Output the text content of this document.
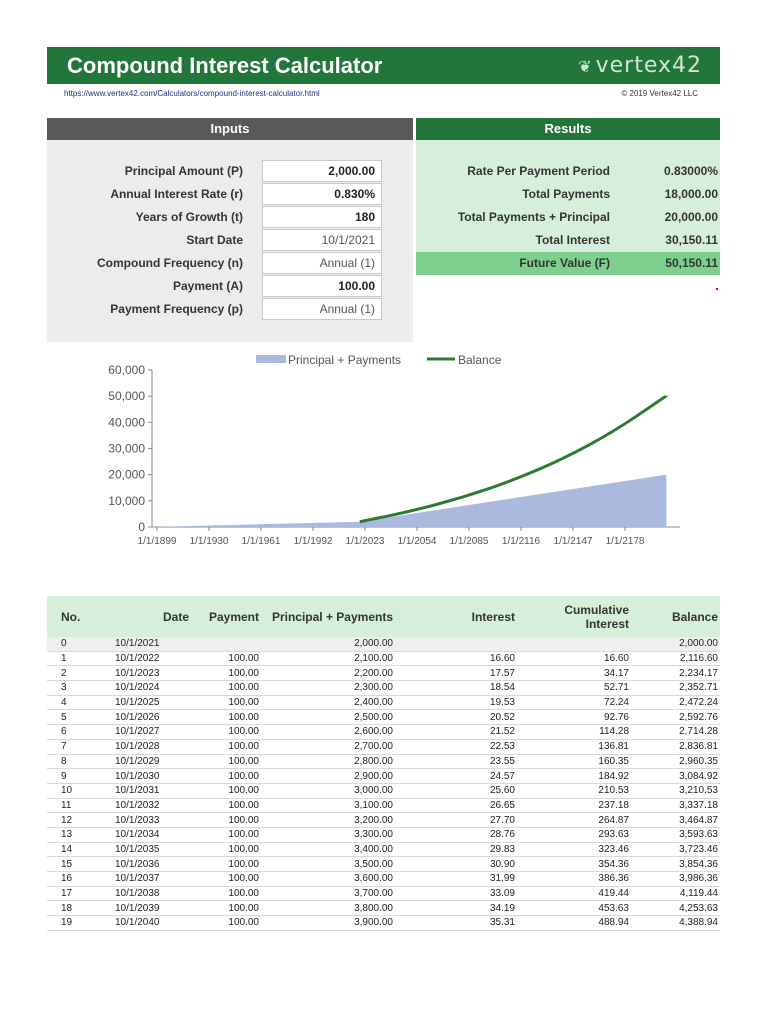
Compound Interest Calculator	❦ vertex42
https://www.vertex42.com/Calculators/compound-interest-calculator.html	© 2019 Vertex42 LLC
Inputs	Results
Principal Amount (P)	2,000.00
Annual Interest Rate (r)	0.830%
Years of Growth (t)	180
Start Date	10/1/2021
Compound Frequency (n)	Annual (1)
Payment (A)	100.00
Payment Frequency (p)	Annual (1)
Rate Per Payment Period	0.83000%
Total Payments	18,000.00
Total Payments + Principal	20,000.00
Total Interest	30,150.11
Future Value (F)	50,150.11
Principal + Payments	Balance
60,000
50,000
40,000
30,000
20,000
10,000
0
1/1/1899 1/1/1930 1/1/1961 1/1/1992 1/1/2023 1/1/2054 1/1/2085 1/1/2116 1/1/2147 1/1/2178
No.	Date	Payment	Principal + Payments	Interest	Cumulative Interest	Balance
0	10/1/2021		2,000.00			2,000.00
1	10/1/2022	100.00	2,100.00	16.60	16.60	2,116.60
2	10/1/2023	100.00	2,200.00	17.57	34.17	2,234.17
3	10/1/2024	100.00	2,300.00	18.54	52.71	2,352.71
4	10/1/2025	100.00	2,400.00	19.53	72.24	2,472.24
5	10/1/2026	100.00	2,500.00	20.52	92.76	2,592.76
6	10/1/2027	100.00	2,600.00	21.52	114.28	2,714.28
7	10/1/2028	100.00	2,700.00	22.53	136.81	2,836.81
8	10/1/2029	100.00	2,800.00	23.55	160.35	2,960.35
9	10/1/2030	100.00	2,900.00	24.57	184.92	3,084.92
10	10/1/2031	100.00	3,000.00	25.60	210.53	3,210.53
11	10/1/2032	100.00	3,100.00	26.65	237.18	3,337.18
12	10/1/2033	100.00	3,200.00	27.70	264.87	3,464.87
13	10/1/2034	100.00	3,300.00	28.76	293.63	3,593.63
14	10/1/2035	100.00	3,400.00	29.83	323.46	3,723.46
15	10/1/2036	100.00	3,500.00	30.90	354.36	3,854.36
16	10/1/2037	100.00	3,600.00	31.99	386.36	3,986.36
17	10/1/2038	100.00	3,700.00	33.09	419.44	4,119.44
18	10/1/2039	100.00	3,800.00	34.19	453.63	4,253.63
19	10/1/2040	100.00	3,900.00	35.31	488.94	4,388.94
